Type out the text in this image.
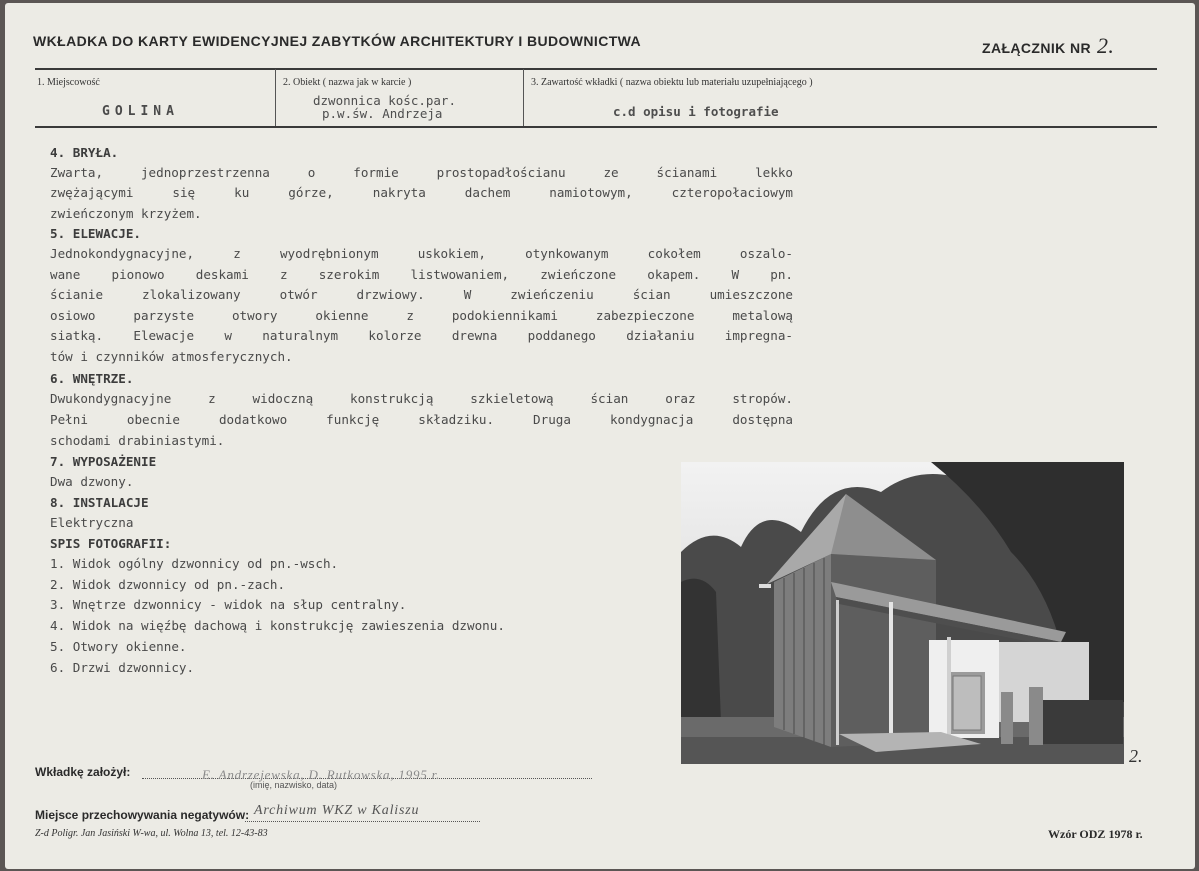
WKŁADKA DO KARTY EWIDENCYJNEJ ZABYTKÓW ARCHITEKTURY I BUDOWNICTWA	ZAŁĄCZNIK NR 2.
1. Miejscowość
GOLINA
2. Obiekt ( nazwa jak w karcie )
dzwonnica kośc.par.
p.w.św. Andrzeja
3. Zawartość wkładki ( nazwa obiektu lub materiału uzupełniającego )
c.d opisu i fotografie
4. BRYŁA.
Zwarta, jednoprzestrzenna o formie prostopadłościanu ze ścianami lekko
zwężającymi się ku górze, nakryta dachem namiotowym, czteropołaciowym
zwieńczonym krzyżem.
5. ELEWACJE.
Jednokondygnacyjne, z wyodrębnionym uskokiem, otynkowanym cokołem oszalo-
wane pionowo deskami z szerokim listwowaniem, zwieńczone okapem. W pn.
ścianie zlokalizowany otwór drzwiowy. W zwieńczeniu ścian umieszczone
osiowo parzyste otwory okienne z podokiennikami zabezpieczone metalową
siatką. Elewacje w naturalnym kolorze drewna poddanego działaniu impregna-
tów i czynników atmosferycznych.
6. WNĘTRZE.
Dwukondygnacyjne z widoczną konstrukcją szkieletową ścian oraz stropów.
Pełni obecnie dodatkowo funkcję składziku. Druga kondygnacja dostępna
schodami drabiniastymi.
7. WYPOSAŻENIE
Dwa dzwony.
8. INSTALACJE
Elektryczna
SPIS FOTOGRAFII:
1. Widok ogólny dzwonnicy od pn.-wsch.
2. Widok dzwonnicy od pn.-zach.
3. Wnętrze dzwonnicy - widok na słup centralny.
4. Widok na więźbę dachową i konstrukcję zawieszenia dzwonu.
5. Otwory okienne.
6. Drzwi dzwonnicy.
2.
Wkładkę założył:	E. Andrzejewska, D. Rutkowska, 1995 r.
(imię, nazwisko, data)
Miejsce przechowywania negatywów: Archiwum WKZ w Kaliszu
Z-d Poligr. Jan Jasiński W-wa, ul. Wolna 13, tel. 12-43-83	Wzór ODZ 1978 r.
